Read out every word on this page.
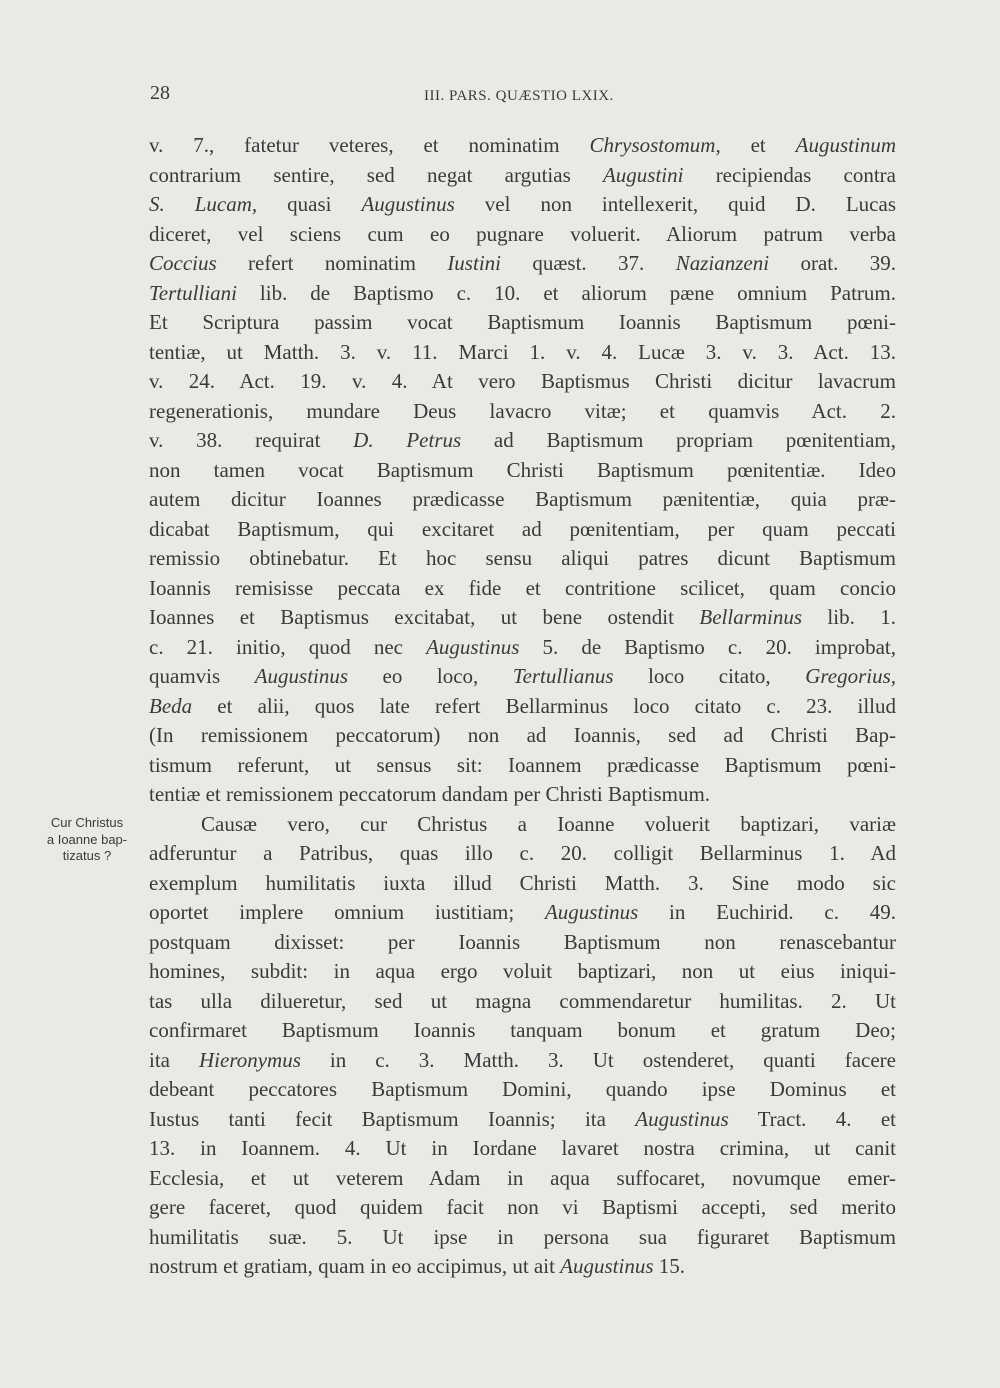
28	III. PARS. QUÆSTIO LXIX.
Cur Christus
a Ioanne bap-
tizatus ?
v. 7., fatetur veteres, et nominatim Chrysostomum, et Augustinum
contrarium sentire, sed negat argutias Augustini recipiendas contra
S. Lucam, quasi Augustinus vel non intellexerit, quid D. Lucas
diceret, vel sciens cum eo pugnare voluerit. Aliorum patrum verba
Coccius refert nominatim Iustini quæst. 37. Nazianzeni orat. 39.
Tertulliani lib. de Baptismo c. 10. et aliorum pæne omnium Patrum.
Et Scriptura passim vocat Baptismum Ioannis Baptismum pœni-
tentiæ, ut Matth. 3. v. 11. Marci 1. v. 4. Lucæ 3. v. 3. Act. 13.
v. 24. Act. 19. v. 4. At vero Baptismus Christi dicitur lavacrum
regenerationis, mundare Deus lavacro vitæ; et quamvis Act. 2.
v. 38. requirat D. Petrus ad Baptismum propriam pœnitentiam,
non tamen vocat Baptismum Christi Baptismum pœnitentiæ. Ideo
autem dicitur Ioannes prædicasse Baptismum pænitentiæ, quia præ-
dicabat Baptismum, qui excitaret ad pœnitentiam, per quam peccati
remissio obtinebatur. Et hoc sensu aliqui patres dicunt Baptismum
Ioannis remisisse peccata ex fide et contritione scilicet, quam concio
Ioannes et Baptismus excitabat, ut bene ostendit Bellarminus lib. 1.
c. 21. initio, quod nec Augustinus 5. de Baptismo c. 20. improbat,
quamvis Augustinus eo loco, Tertullianus loco citato, Gregorius,
Beda et alii, quos late refert Bellarminus loco citato c. 23. illud
(In remissionem peccatorum) non ad Ioannis, sed ad Christi Bap-
tismum referunt, ut sensus sit: Ioannem prædicasse Baptismum pœni-
tentiæ et remissionem peccatorum dandam per Christi Baptismum.
Causæ vero, cur Christus a Ioanne voluerit baptizari, variæ
adferuntur a Patribus, quas illo c. 20. colligit Bellarminus 1. Ad
exemplum humilitatis iuxta illud Christi Matth. 3. Sine modo sic
oportet implere omnium iustitiam; Augustinus in Euchirid. c. 49.
postquam dixisset: per Ioannis Baptismum non renascebantur
homines, subdit: in aqua ergo voluit baptizari, non ut eius iniqui-
tas ulla dilueretur, sed ut magna commendaretur humilitas. 2. Ut
confirmaret Baptismum Ioannis tanquam bonum et gratum Deo;
ita Hieronymus in c. 3. Matth. 3. Ut ostenderet, quanti facere
debeant peccatores Baptismum Domini, quando ipse Dominus et
Iustus tanti fecit Baptismum Ioannis; ita Augustinus Tract. 4. et
13. in Ioannem. 4. Ut in Iordane lavaret nostra crimina, ut canit
Ecclesia, et ut veterem Adam in aqua suffocaret, novumque emer-
gere faceret, quod quidem facit non vi Baptismi accepti, sed merito
humilitatis suæ. 5. Ut ipse in persona sua figuraret Baptismum
nostrum et gratiam, quam in eo accipimus, ut ait Augustinus 15.
